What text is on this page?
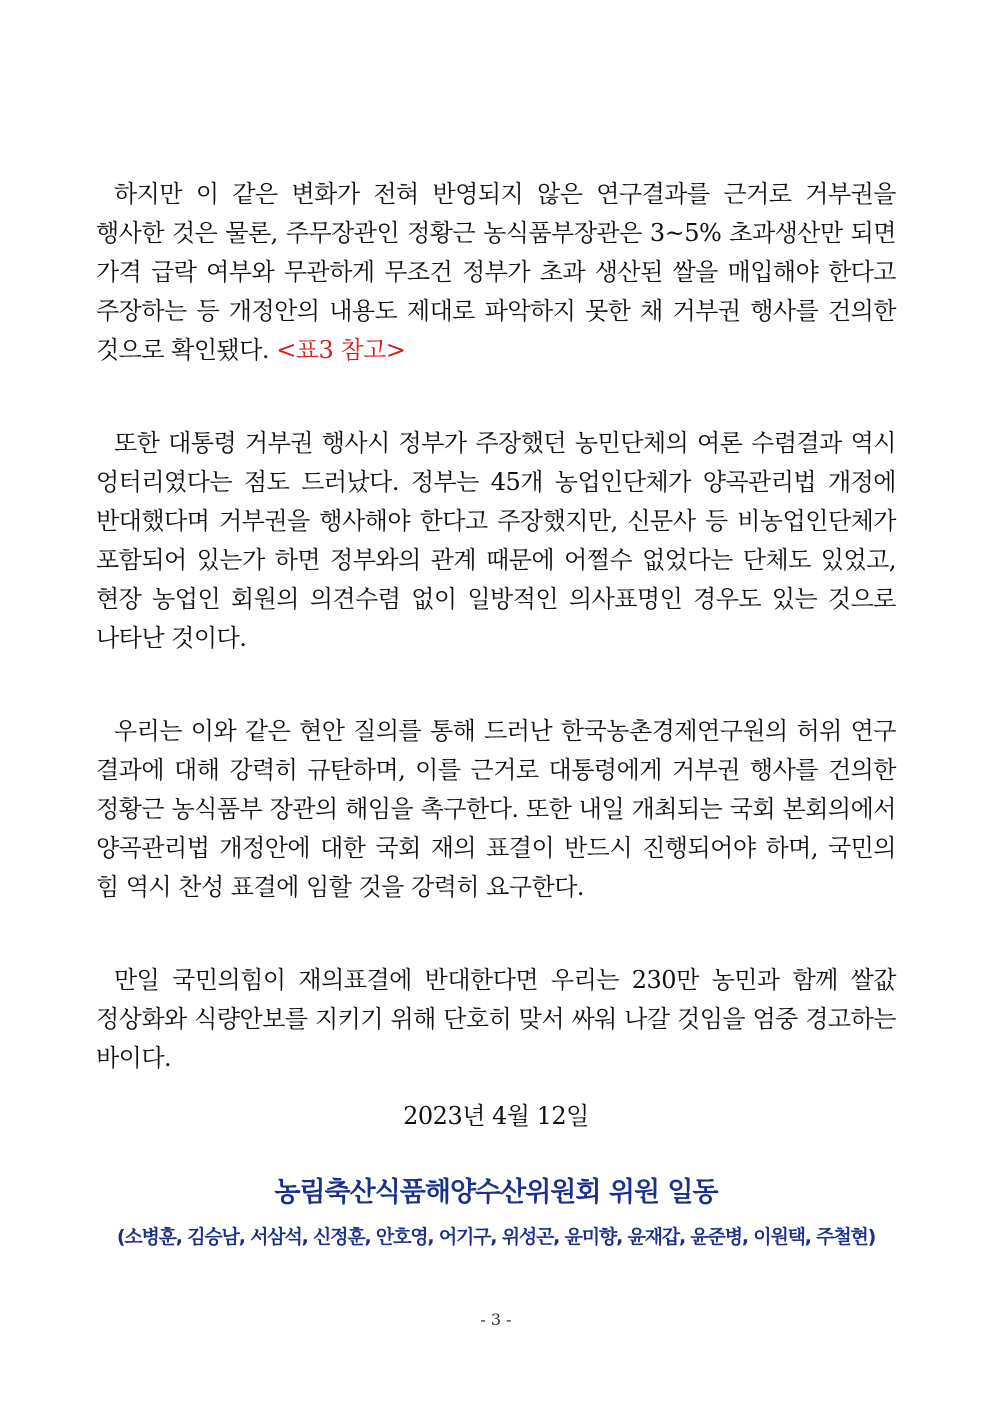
하지만 이 같은 변화가 전혀 반영되지 않은 연구결과를 근거로 거부권을 행사한 것은 물론, 주무장관인 정황근 농식품부장관은 3~5% 초과생산만 되면 가격 급락 여부와 무관하게 무조건 정부가 초과 생산된 쌀을 매입해야 한다고 주장하는 등 개정안의 내용도 제대로 파악하지 못한 채 거부권 행사를 건의한 것으로 확인됐다. <표3 참고>

또한 대통령 거부권 행사시 정부가 주장했던 농민단체의 여론 수렴결과 역시 엉터리였다는 점도 드러났다. 정부는 45개 농업인단체가 양곡관리법 개정에 반대했다며 거부권을 행사해야 한다고 주장했지만, 신문사 등 비농업인단체가 포함되어 있는가 하면 정부와의 관계 때문에 어쩔수 없었다는 단체도 있었고, 현장 농업인 회원의 의견수렴 없이 일방적인 의사표명인 경우도 있는 것으로 나타난 것이다.

우리는 이와 같은 현안 질의를 통해 드러난 한국농촌경제연구원의 허위 연구 결과에 대해 강력히 규탄하며, 이를 근거로 대통령에게 거부권 행사를 건의한 정황근 농식품부 장관의 해임을 촉구한다. 또한 내일 개최되는 국회 본회의에서 양곡관리법 개정안에 대한 국회 재의 표결이 반드시 진행되어야 하며, 국민의 힘 역시 찬성 표결에 임할 것을 강력히 요구한다.

만일 국민의힘이 재의표결에 반대한다면 우리는 230만 농민과 함께 쌀값 정상화와 식량안보를 지키기 위해 단호히 맞서 싸워 나갈 것임을 엄중 경고하는 바이다.

2023년 4월 12일
농림축산식품해양수산위원회 위원 일동
(소병훈, 김승남, 서삼석, 신정훈, 안호영, 어기구, 위성곤, 윤미향, 윤재갑, 윤준병, 이원택, 주철현)
- 3 -
